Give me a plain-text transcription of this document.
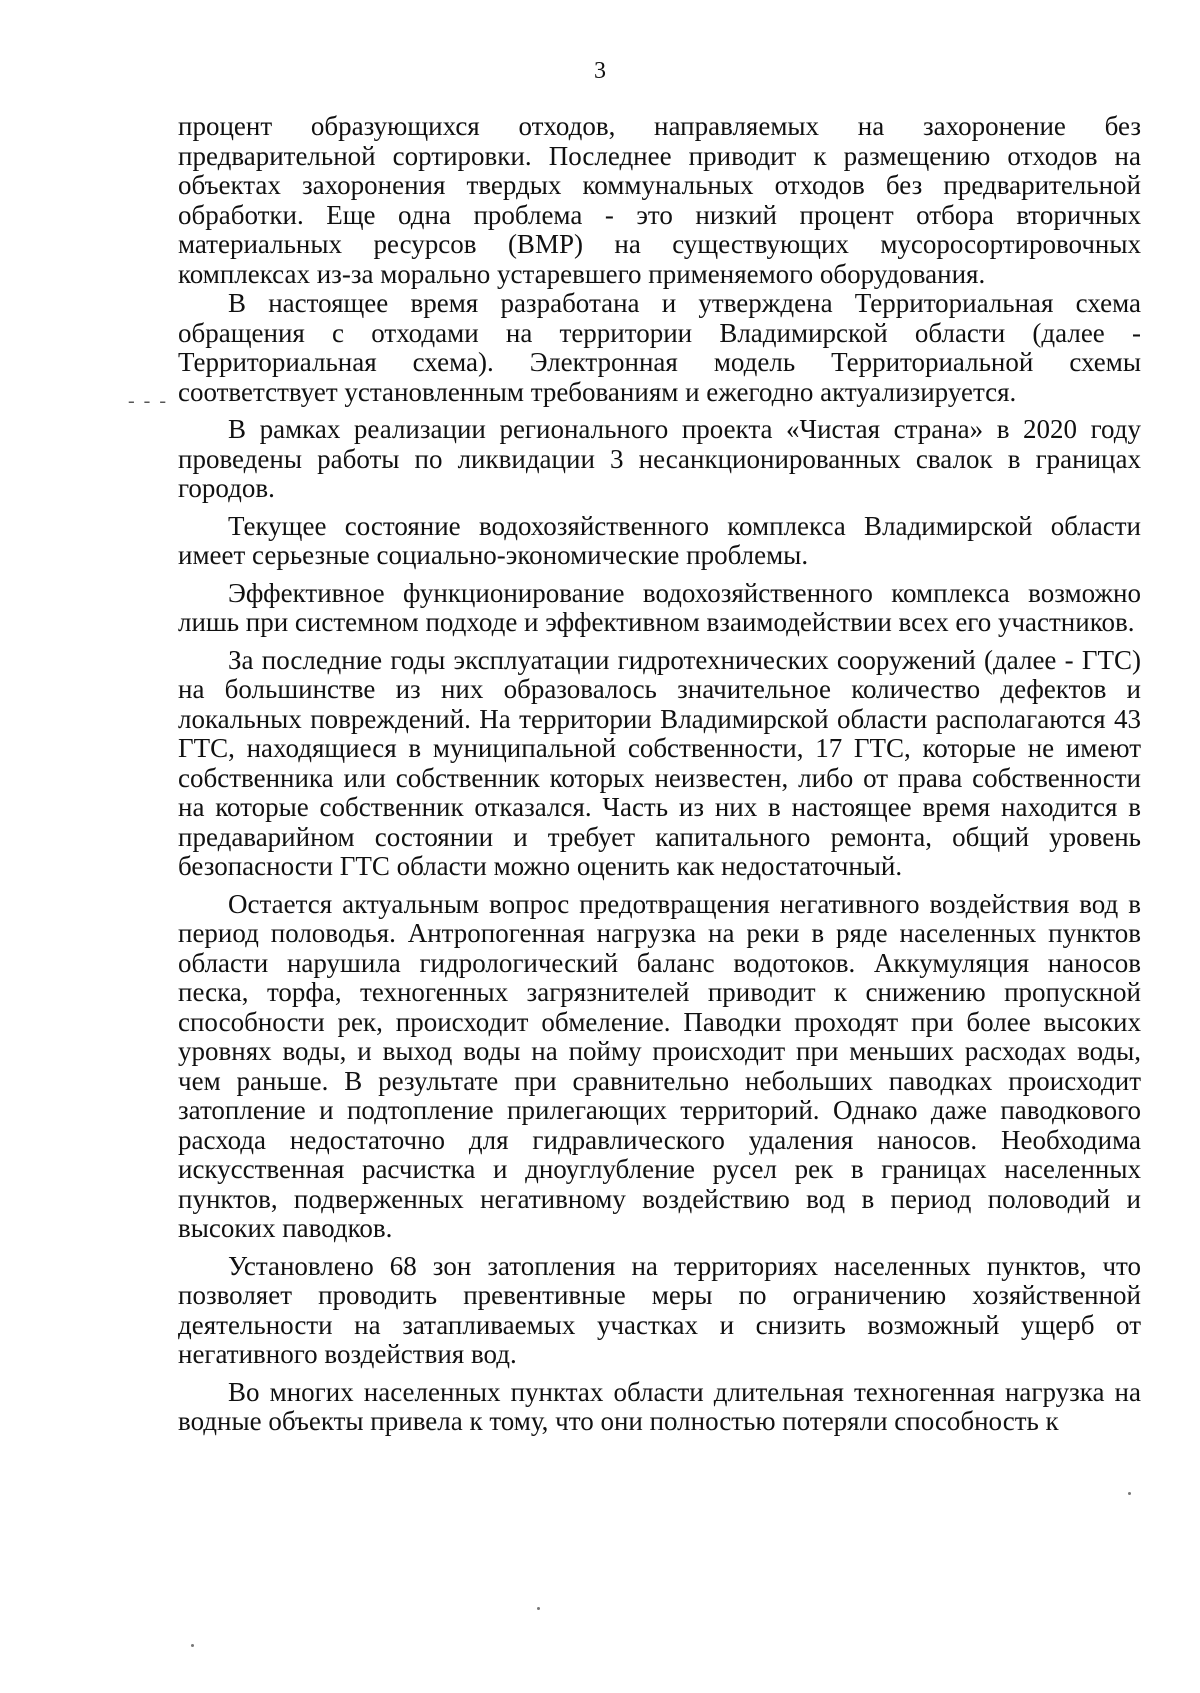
3
- - -

процент образующихся отходов, направляемых на захоронение без предварительной сортировки. Последнее приводит к размещению отходов на объектах захоронения твердых коммунальных отходов без предварительной обработки. Еще одна проблема - это низкий процент отбора вторичных материальных ресурсов (ВМР) на существующих мусоросортировочных комплексах из-за морально устаревшего применяемого оборудования.

В настоящее время разработана и утверждена Территориальная схема обращения с отходами на территории Владимирской области (далее - Территориальная схема). Электронная модель Территориальной схемы соответствует установленным требованиям и ежегодно актуализируется.

В рамках реализации регионального проекта «Чистая страна» в 2020 году проведены работы по ликвидации 3 несанкционированных свалок в границах городов.

Текущее состояние водохозяйственного комплекса Владимирской области имеет серьезные социально-экономические проблемы.

Эффективное функционирование водохозяйственного комплекса возможно лишь при системном подходе и эффективном взаимодействии всех его участников.

За последние годы эксплуатации гидротехнических сооружений (далее - ГТС) на большинстве из них образовалось значительное количество дефектов и локальных повреждений. На территории Владимирской области располагаются 43 ГТС, находящиеся в муниципальной собственности, 17 ГТС, которые не имеют собственника или собственник которых неизвестен, либо от права собственности на которые собственник отказался. Часть из них в настоящее время находится в предаварийном состоянии и требует капитального ремонта, общий уровень безопасности ГТС области можно оценить как недостаточный.

Остается актуальным вопрос предотвращения негативного воздействия вод в период половодья. Антропогенная нагрузка на реки в ряде населенных пунктов области нарушила гидрологический баланс водотоков. Аккумуляция наносов песка, торфа, техногенных загрязнителей приводит к снижению пропускной способности рек, происходит обмеление. Паводки проходят при более высоких уровнях воды, и выход воды на пойму происходит при меньших расходах воды, чем раньше. В результате при сравнительно небольших паводках происходит затопление и подтопление прилегающих территорий. Однако даже паводкового расхода недостаточно для гидравлического удаления наносов. Необходима искусственная расчистка и дноуглубление русел рек в границах населенных пунктов, подверженных негативному воздействию вод в период половодий и высоких паводков.

Установлено 68 зон затопления на территориях населенных пунктов, что позволяет проводить превентивные меры по ограничению хозяйственной деятельности на затапливаемых участках и снизить возможный ущерб от негативного воздействия вод.

Во многих населенных пунктах области длительная техногенная нагрузка на водные объекты привела к тому, что они полностью потеряли способность к
